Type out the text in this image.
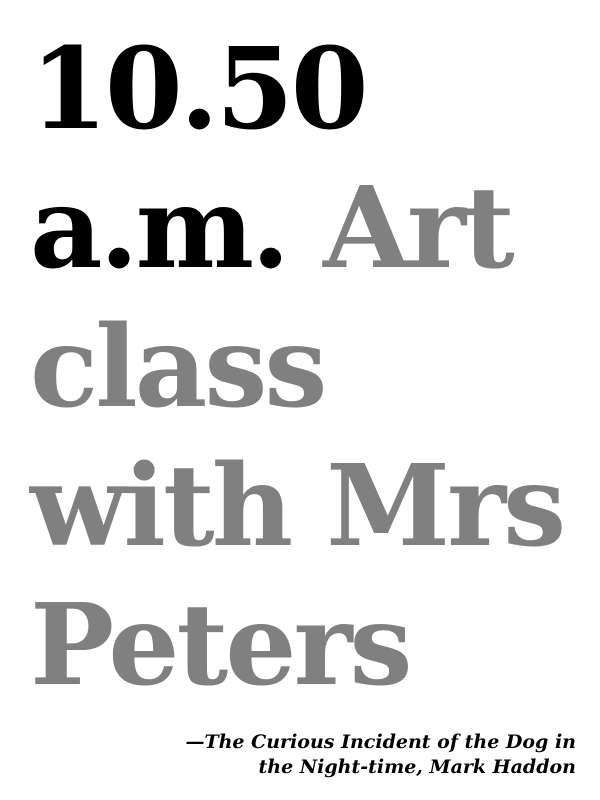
10.50 a.m. Art class with Mrs Peters

—The Curious Incident of the Dog in
the Night-time, Mark Haddon
